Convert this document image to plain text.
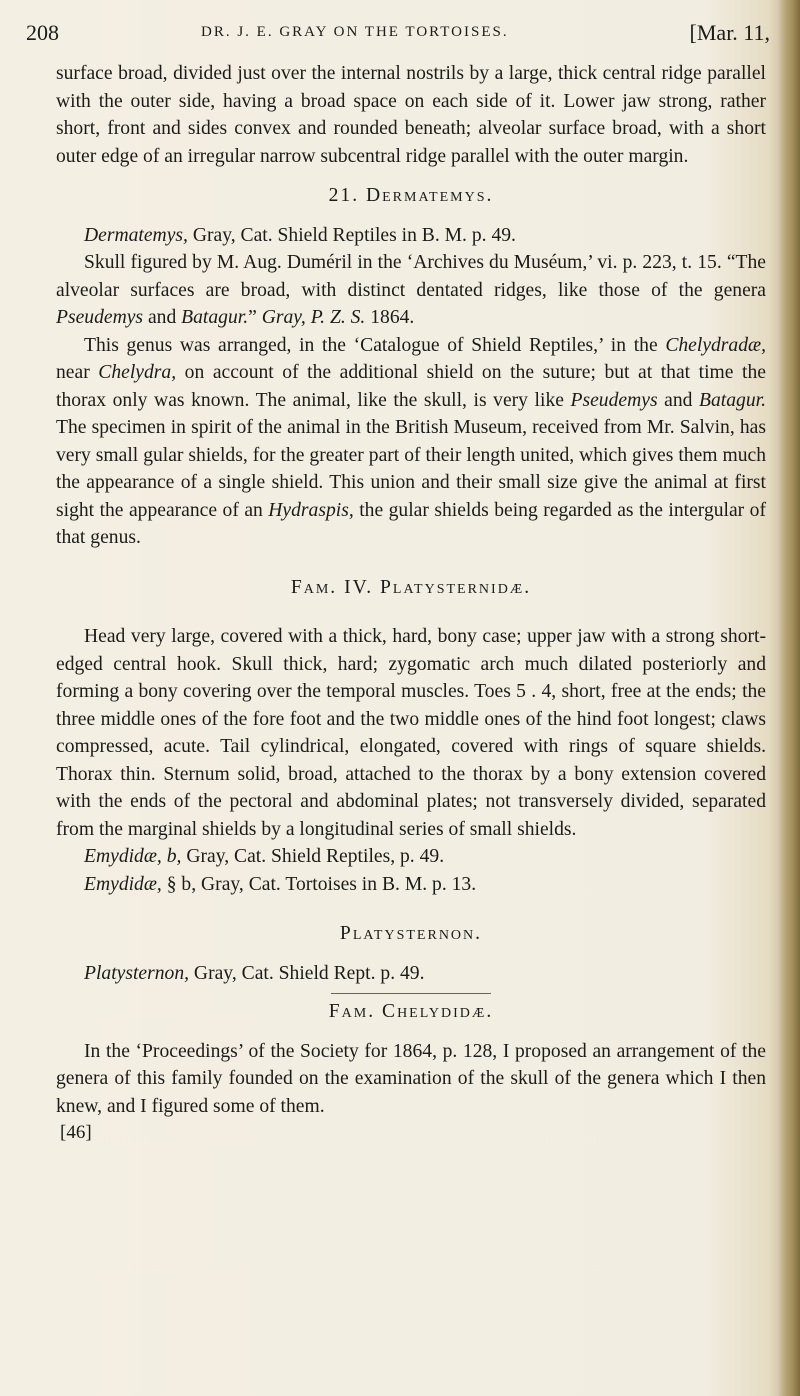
208	DR. J. E. GRAY ON THE TORTOISES.	[Mar. 11,

surface broad, divided just over the internal nostrils by a large, thick central ridge parallel with the outer side, having a broad space on each side of it. Lower jaw strong, rather short, front and sides convex and rounded beneath; alveolar surface broad, with a short outer edge of an irregular narrow subcentral ridge parallel with the outer margin.

21. Dermatemys.

Dermatemys, Gray, Cat. Shield Reptiles in B. M. p. 49.

Skull figured by M. Aug. Duméril in the ‘Archives du Muséum,’ vi. p. 223, t. 15. “The alveolar surfaces are broad, with distinct dentated ridges, like those of the genera Pseudemys and Batagur.” Gray, P. Z. S. 1864.

This genus was arranged, in the ‘Catalogue of Shield Reptiles,’ in the Chelydradæ, near Chelydra, on account of the additional shield on the suture; but at that time the thorax only was known. The animal, like the skull, is very like Pseudemys and Batagur. The specimen in spirit of the animal in the British Museum, received from Mr. Salvin, has very small gular shields, for the greater part of their length united, which gives them much the appearance of a single shield. This union and their small size give the animal at first sight the appearance of an Hydraspis, the gular shields being regarded as the intergular of that genus.

Fam. IV. Platysternidæ.

Head very large, covered with a thick, hard, bony case; upper jaw with a strong short-edged central hook. Skull thick, hard; zygomatic arch much dilated posteriorly and forming a bony covering over the temporal muscles. Toes 5 . 4, short, free at the ends; the three middle ones of the fore foot and the two middle ones of the hind foot longest; claws compressed, acute. Tail cylindrical, elongated, covered with rings of square shields. Thorax thin. Sternum solid, broad, attached to the thorax by a bony extension covered with the ends of the pectoral and abdominal plates; not transversely divided, separated from the marginal shields by a longitudinal series of small shields.

Emydidæ, b, Gray, Cat. Shield Reptiles, p. 49.

Emydidæ, § b, Gray, Cat. Tortoises in B. M. p. 13.

Platysternon.

Platysternon, Gray, Cat. Shield Rept. p. 49.

Fam. Chelydidæ.

In the ‘Proceedings’ of the Society for 1864, p. 128, I proposed an arrangement of the genera of this family founded on the examination of the skull of the genera which I then knew, and I figured some of them.

[46]
